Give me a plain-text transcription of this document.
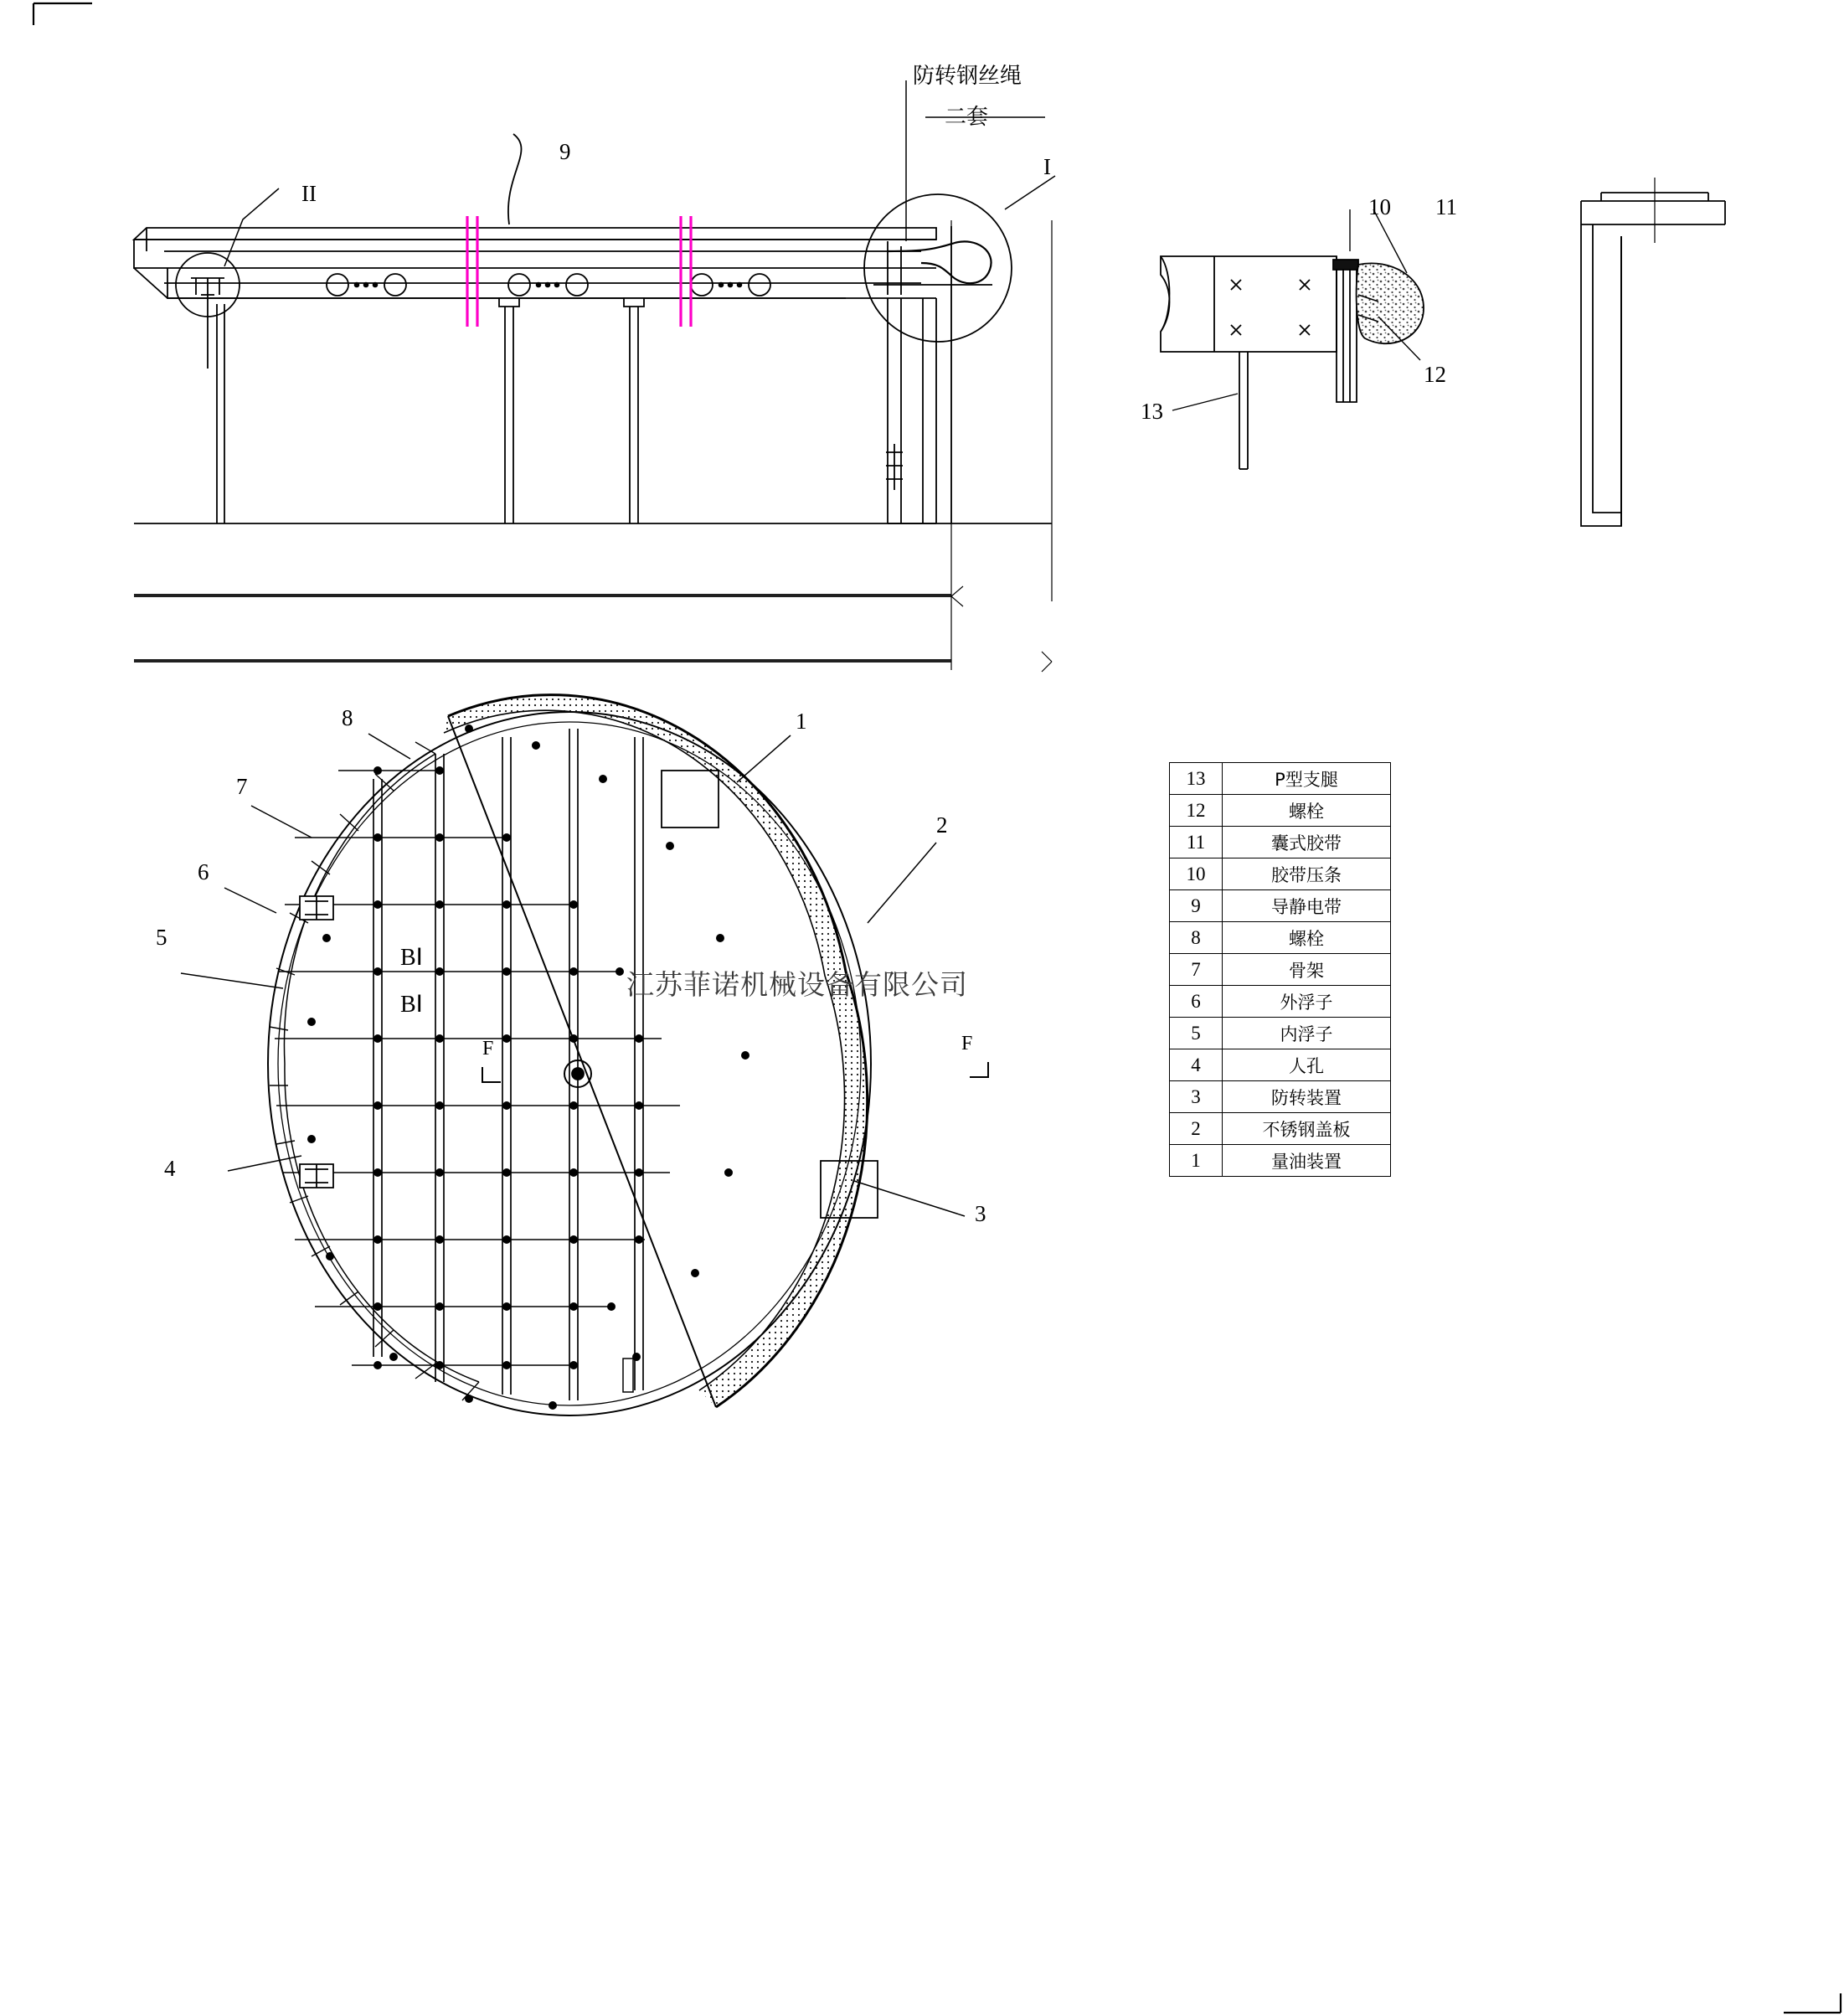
防转钢丝绳
二套
II
I
9
10 11
12
13
1
2
3
4
5
6
7
8
BⅠ
BⅠ
F	F
江苏菲诺机械设备有限公司
13	P型支腿
12	螺栓
11	囊式胶带
10	胶带压条
9	导静电带
8	螺栓
7	骨架
6	外浮子
5	内浮子
4	人孔
3	防转装置
2	不锈钢盖板
1	量油装置
